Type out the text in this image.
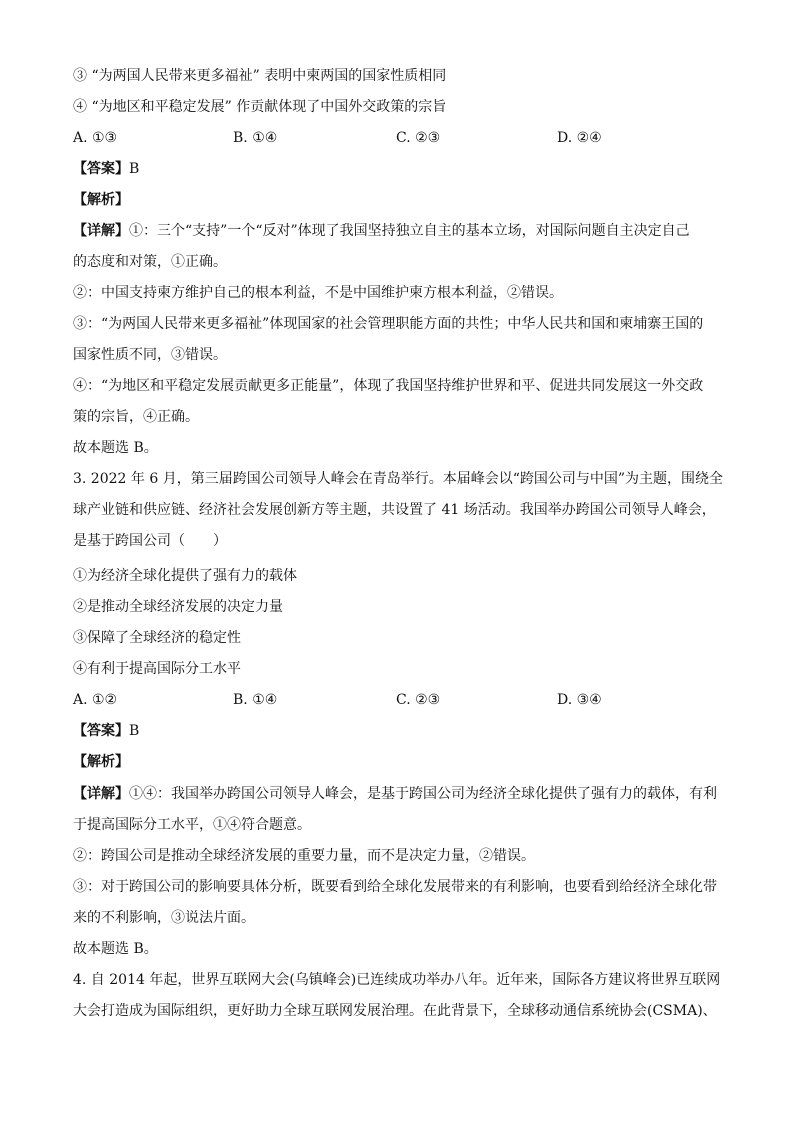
③ “为两国人民带来更多福祉” 表明中柬两国的国家性质相同
④ “为地区和平稳定发展” 作贡献体现了中国外交政策的宗旨
A. ①③	B. ①④	C. ②③	D. ②④
【答案】B
【解析】
【详解】①：三个“支持”一个“反对”体现了我国坚持独立自主的基本立场，对国际问题自主决定自己
的态度和对策，①正确。
②：中国支持柬方维护自己的根本利益，不是中国维护柬方根本利益，②错误。
③：“为两国人民带来更多福祉”体现国家的社会管理职能方面的共性；中华人民共和国和柬埔寨王国的
国家性质不同，③错误。
④：“为地区和平稳定发展贡献更多正能量”，体现了我国坚持维护世界和平、促进共同发展这一外交政
策的宗旨，④正确。
故本题选 B。
3. 2022 年 6 月，第三届跨国公司领导人峰会在青岛举行。本届峰会以“跨国公司与中国”为主题，围绕全
球产业链和供应链、经济社会发展创新方等主题，共设置了 41 场活动。我国举办跨国公司领导人峰会，
是基于跨国公司（　　）
①为经济全球化提供了强有力的载体
②是推动全球经济发展的决定力量
③保障了全球经济的稳定性
④有利于提高国际分工水平
A. ①②	B. ①④	C. ②③	D. ③④
【答案】B
【解析】
【详解】①④：我国举办跨国公司领导人峰会，是基于跨国公司为经济全球化提供了强有力的载体，有利
于提高国际分工水平，①④符合题意。
②：跨国公司是推动全球经济发展的重要力量，而不是决定力量，②错误。
③：对于跨国公司的影响要具体分析，既要看到给全球化发展带来的有利影响，也要看到给经济全球化带
来的不利影响，③说法片面。
故本题选 B。
4. 自 2014 年起，世界互联网大会(乌镇峰会)已连续成功举办八年。近年来，国际各方建议将世界互联网
大会打造成为国际组织，更好助力全球互联网发展治理。在此背景下，全球移动通信系统协会(CSMA)、
